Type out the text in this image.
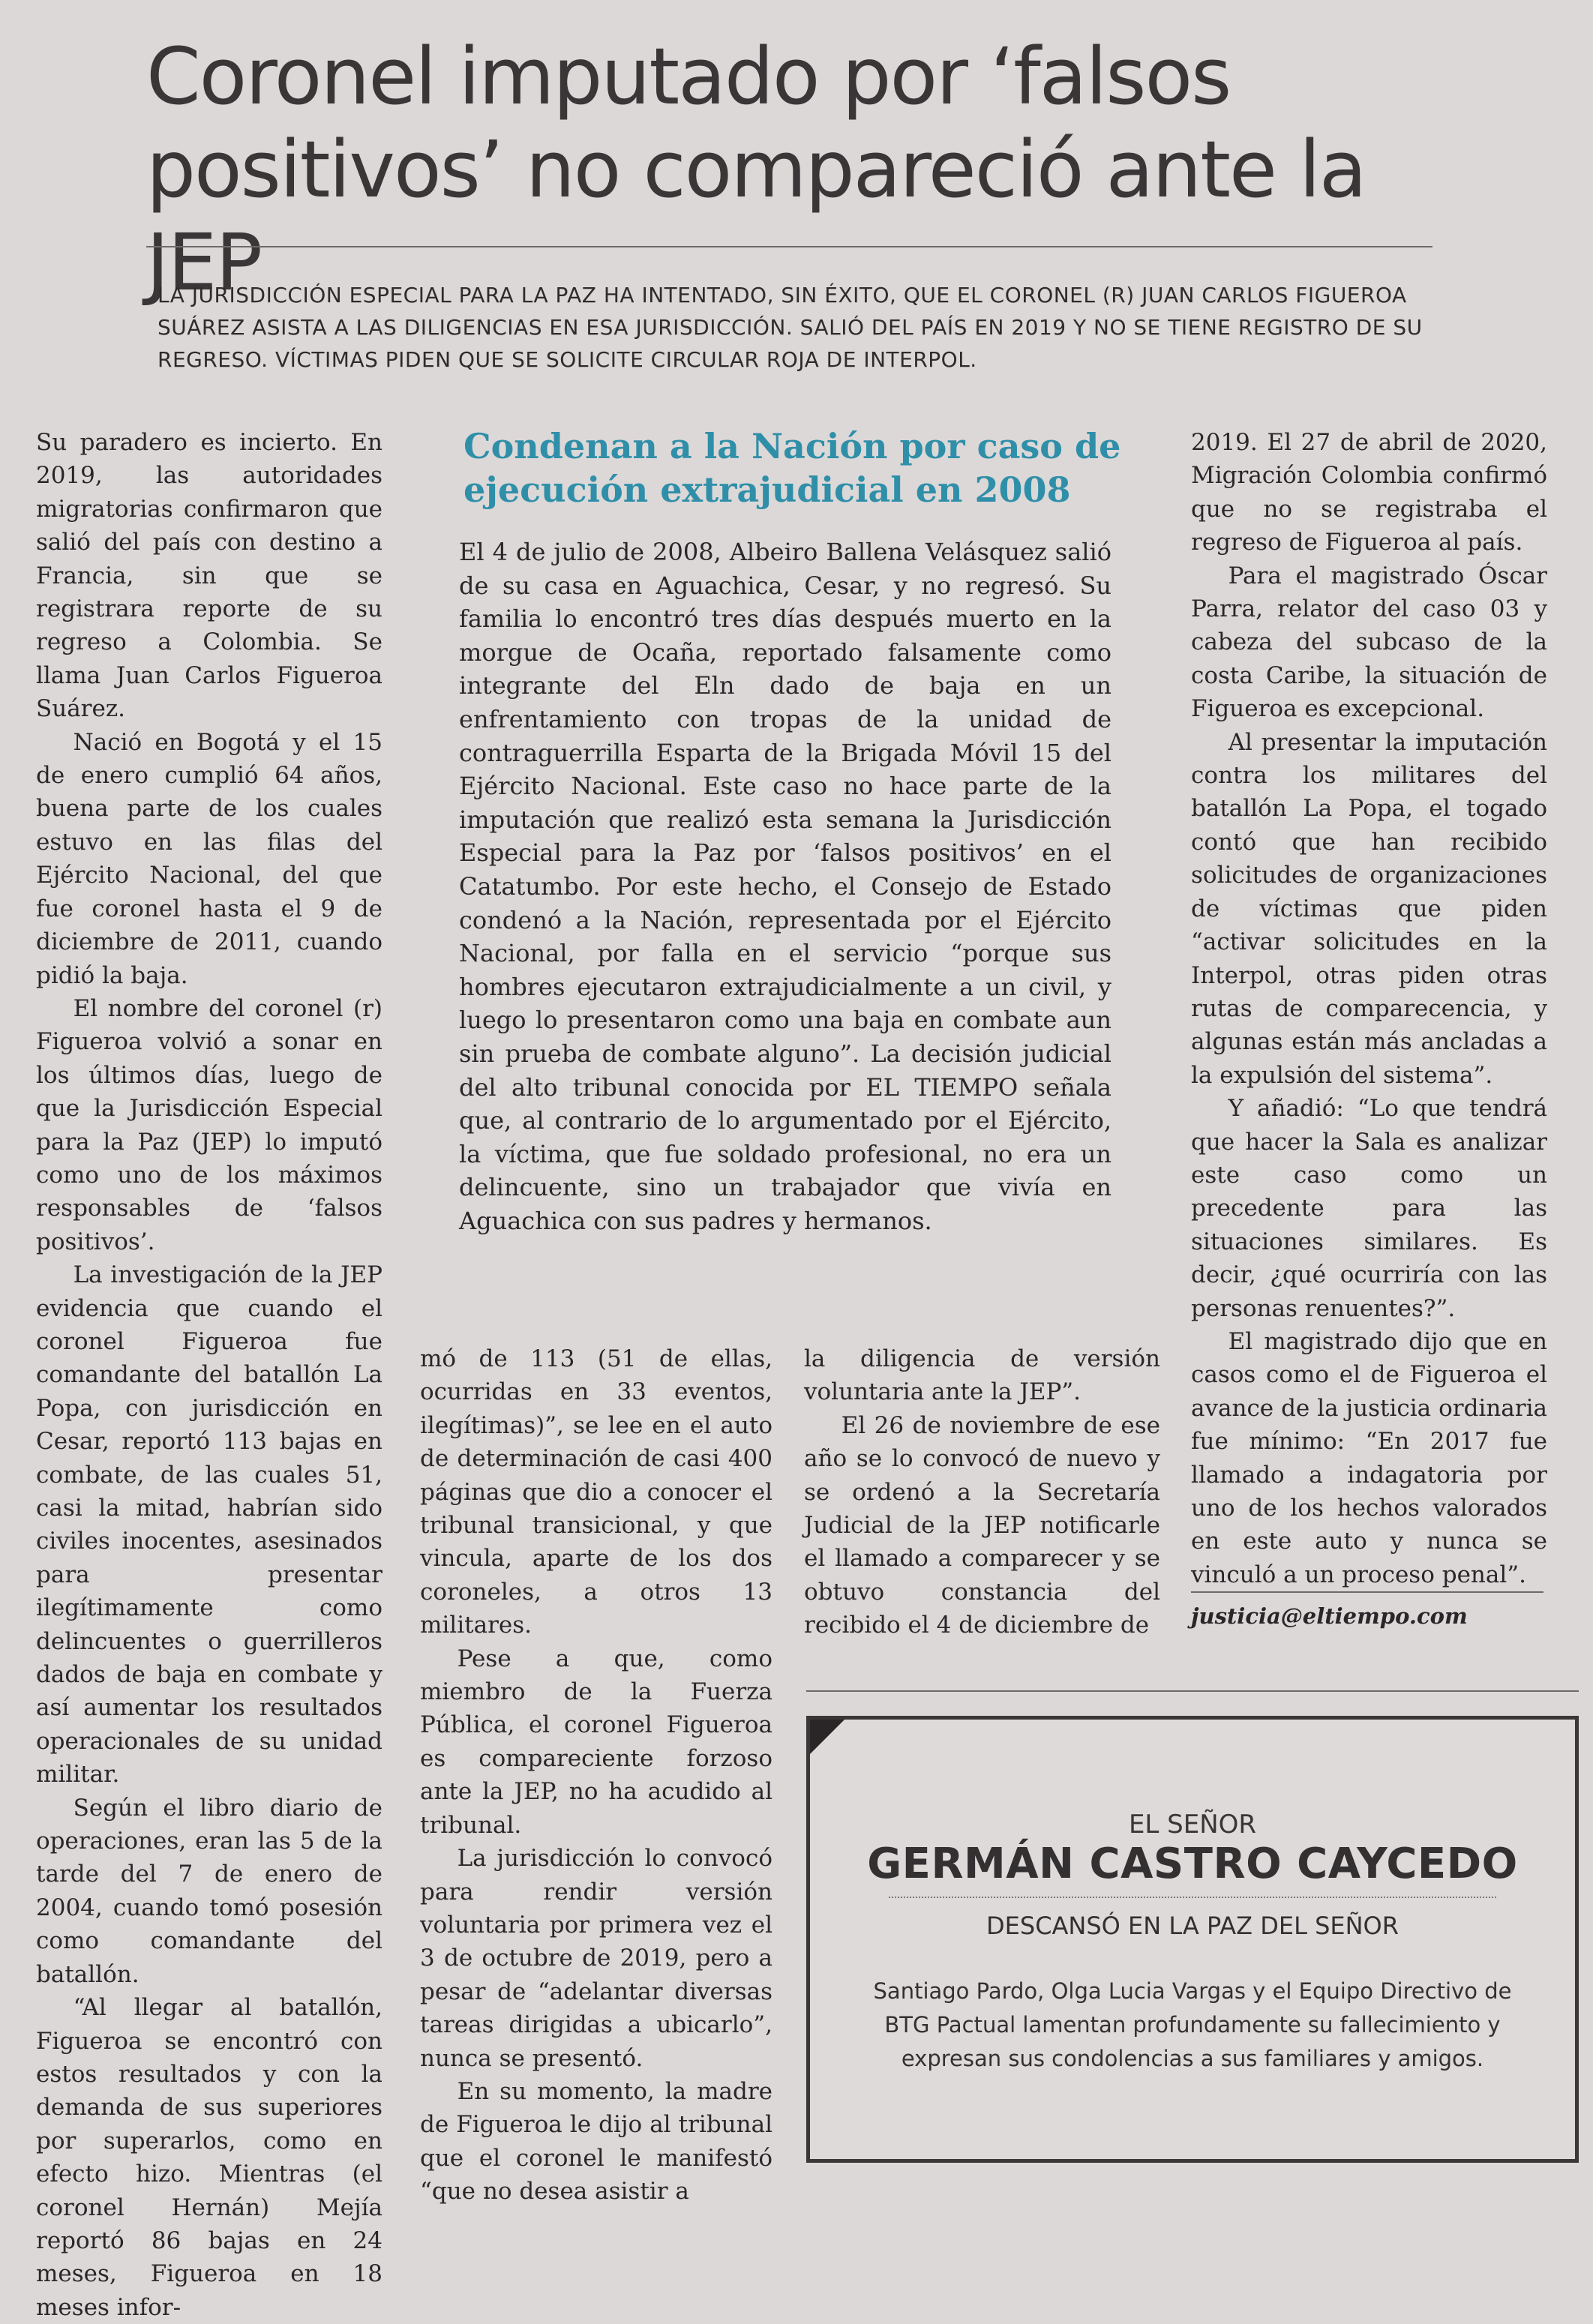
Coronel imputado por ‘falsos positivos’ no compareció ante la JEP

LA JURISDICCIÓN ESPECIAL PARA LA PAZ HA INTENTADO, SIN ÉXITO, QUE EL CORONEL (R) JUAN CARLOS FIGUEROA SUÁREZ ASISTA A LAS DILIGENCIAS EN ESA JURISDICCIÓN. SALIÓ DEL PAÍS EN 2019 Y NO SE TIENE REGISTRO DE SU REGRESO. VÍCTIMAS PIDEN QUE SE SOLICITE CIRCULAR ROJA DE INTERPOL.

Su paradero es incierto. En 2019, las autoridades migratorias confirmaron que salió del país con destino a Francia, sin que se registrara reporte de su regreso a Colombia. Se llama Juan Carlos Figueroa Suárez.

Nació en Bogotá y el 15 de enero cumplió 64 años, buena parte de los cuales estuvo en las filas del Ejército Nacional, del que fue coronel hasta el 9 de diciembre de 2011, cuando pidió la baja.

El nombre del coronel (r) Figueroa volvió a sonar en los últimos días, luego de que la Jurisdicción Especial para la Paz (JEP) lo imputó como uno de los máximos responsables de ‘falsos positivos’.

La investigación de la JEP evidencia que cuando el coronel Figueroa fue comandante del batallón La Popa, con jurisdicción en Cesar, reportó 113 bajas en combate, de las cuales 51, casi la mitad, habrían sido civiles inocentes, asesinados para presentar ilegítimamente como delincuentes o guerrilleros dados de baja en combate y así aumentar los resultados operacionales de su unidad militar.

Según el libro diario de operaciones, eran las 5 de la tarde del 7 de enero de 2004, cuando tomó posesión como comandante del batallón.

“Al llegar al batallón, Figueroa se encontró con estos resultados y con la demanda de sus superiores por superarlos, como en efecto hizo. Mientras (el coronel Hernán) Mejía reportó 86 bajas en 24 meses, Figueroa en 18 meses infor-

Condenan a la Nación por caso de ejecución extrajudicial en 2008

El 4 de julio de 2008, Albeiro Ballena Velásquez salió de su casa en Aguachica, Cesar, y no regresó. Su familia lo encontró tres días después muerto en la morgue de Ocaña, reportado falsamente como integrante del Eln dado de baja en un enfrentamiento con tropas de la unidad de contraguerrilla Esparta de la Brigada Móvil 15 del Ejército Nacional. Este caso no hace parte de la imputación que realizó esta semana la Jurisdicción Especial para la Paz por ‘falsos positivos’ en el Catatumbo. Por este hecho, el Consejo de Estado condenó a la Nación, representada por el Ejército Nacional, por falla en el servicio “porque sus hombres ejecutaron extrajudicialmente a un civil, y luego lo presentaron como una baja en combate aun sin prueba de combate alguno”. La decisión judicial del alto tribunal conocida por EL TIEMPO señala que, al contrario de lo argumentado por el Ejército, la víctima, que fue soldado profesional, no era un delincuente, sino un trabajador que vivía en Aguachica con sus padres y hermanos.

mó de 113 (51 de ellas, ocurridas en 33 eventos, ilegítimas)”, se lee en el auto de determinación de casi 400 páginas que dio a conocer el tribunal transicional, y que vincula, aparte de los dos coroneles, a otros 13 militares.

Pese a que, como miembro de la Fuerza Pública, el coronel Figueroa es compareciente forzoso ante la JEP, no ha acudido al tribunal.

La jurisdicción lo convocó para rendir versión voluntaria por primera vez el 3 de octubre de 2019, pero a pesar de “adelantar diversas tareas dirigidas a ubicarlo”, nunca se presentó.

En su momento, la madre de Figueroa le dijo al tribunal que el coronel le manifestó “que no desea asistir a

la diligencia de versión voluntaria ante la JEP”.

El 26 de noviembre de ese año se lo convocó de nuevo y se ordenó a la Secretaría Judicial de la JEP notificarle el llamado a comparecer y se obtuvo constancia del recibido el 4 de diciembre de

2019. El 27 de abril de 2020, Migración Colombia confirmó que no se registraba el regreso de Figueroa al país.

Para el magistrado Óscar Parra, relator del caso 03 y cabeza del subcaso de la costa Caribe, la situación de Figueroa es excepcional.

Al presentar la imputación contra los militares del batallón La Popa, el togado contó que han recibido solicitudes de organizaciones de víctimas que piden “activar solicitudes en la Interpol, otras piden otras rutas de comparecencia, y algunas están más ancladas a la expulsión del sistema”.

Y añadió: “Lo que tendrá que hacer la Sala es analizar este caso como un precedente para las situaciones similares. Es decir, ¿qué ocurriría con las personas renuentes?”.

El magistrado dijo que en casos como el de Figueroa el avance de la justicia ordinaria fue mínimo: “En 2017 fue llamado a indagatoria por uno de los hechos valorados en este auto y nunca se vinculó a un proceso penal”.

justicia@eltiempo.com

EL SEÑOR

GERMÁN CASTRO CAYCEDO

DESCANSÓ EN LA PAZ DEL SEÑOR

Santiago Pardo, Olga Lucia Vargas y el Equipo Directivo de BTG Pactual lamentan profundamente su fallecimiento y expresan sus condolencias a sus familiares y amigos.
